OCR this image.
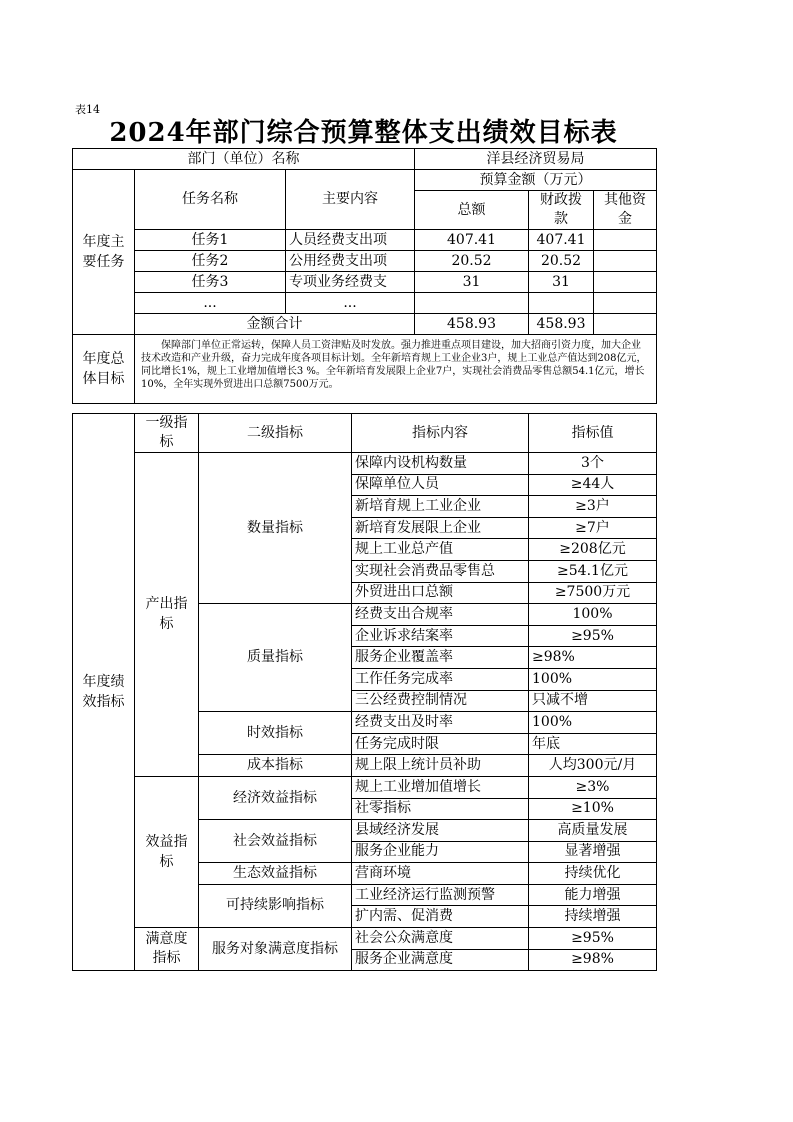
表14
2024年部门综合预算整体支出绩效目标表
部门（单位）名称			洋县经济贸易局		
年度主要任务	任务名称	主要内容	预算金额（万元）		
			总额	财政拨款	其他资金

	任务1	人员经费支出项	407.41	407.41	
	任务2	公用经费支出项	20.52	20.52	
	任务3	专项业务经费支	31	31	
	...	...			
	金额合计		458.93	458.93	
年度总体目标	保障部门单位正常运转，保障人员工资津贴及时发放。强力推进重点项目建设，加大招商引资力度，加大企业技术改造和产业升级，奋力完成年度各项目标计划。全年新培育规上工业企业3户，规上工业总产值达到208亿元，同比增长1%，规上工业增加值增长3 %。全年新培育发展限上企业7户，实现社会消费品零售总额54.1亿元，增长10%，全年实现外贸进出口总额7500万元。				
年度绩效指标	一级指标	二级指标	指标内容	指标值

	产出指标	数量指标	保障内设机构数量	3个
			保障单位人员	≥44人
			新培育规上工业企业	≥3户
			新培育发展限上企业	≥7户
			规上工业总产值	≥208亿元
			实现社会消费品零售总	≥54.1亿元
			外贸进出口总额	≥7500万元
		质量指标	经费支出合规率	100%
			企业诉求结案率	≥95%
			服务企业覆盖率	≥98%
			工作任务完成率	100%
			三公经费控制情况	只减不增
		时效指标	经费支出及时率	100%
			任务完成时限	年底
		成本指标	规上限上统计员补助	人均300元/月
	效益指标	经济效益指标	规上工业增加值增长	≥3%
			社零指标	≥10%
		社会效益指标	县域经济发展	高质量发展
			服务企业能力	显著增强
		生态效益指标	营商环境	持续优化
		可持续影响指标	工业经济运行监测预警	能力增强
			扩内需、促消费	持续增强

	满意度指标	服务对象满意度指标	社会公众满意度	≥95%
			服务企业满意度	≥98%
